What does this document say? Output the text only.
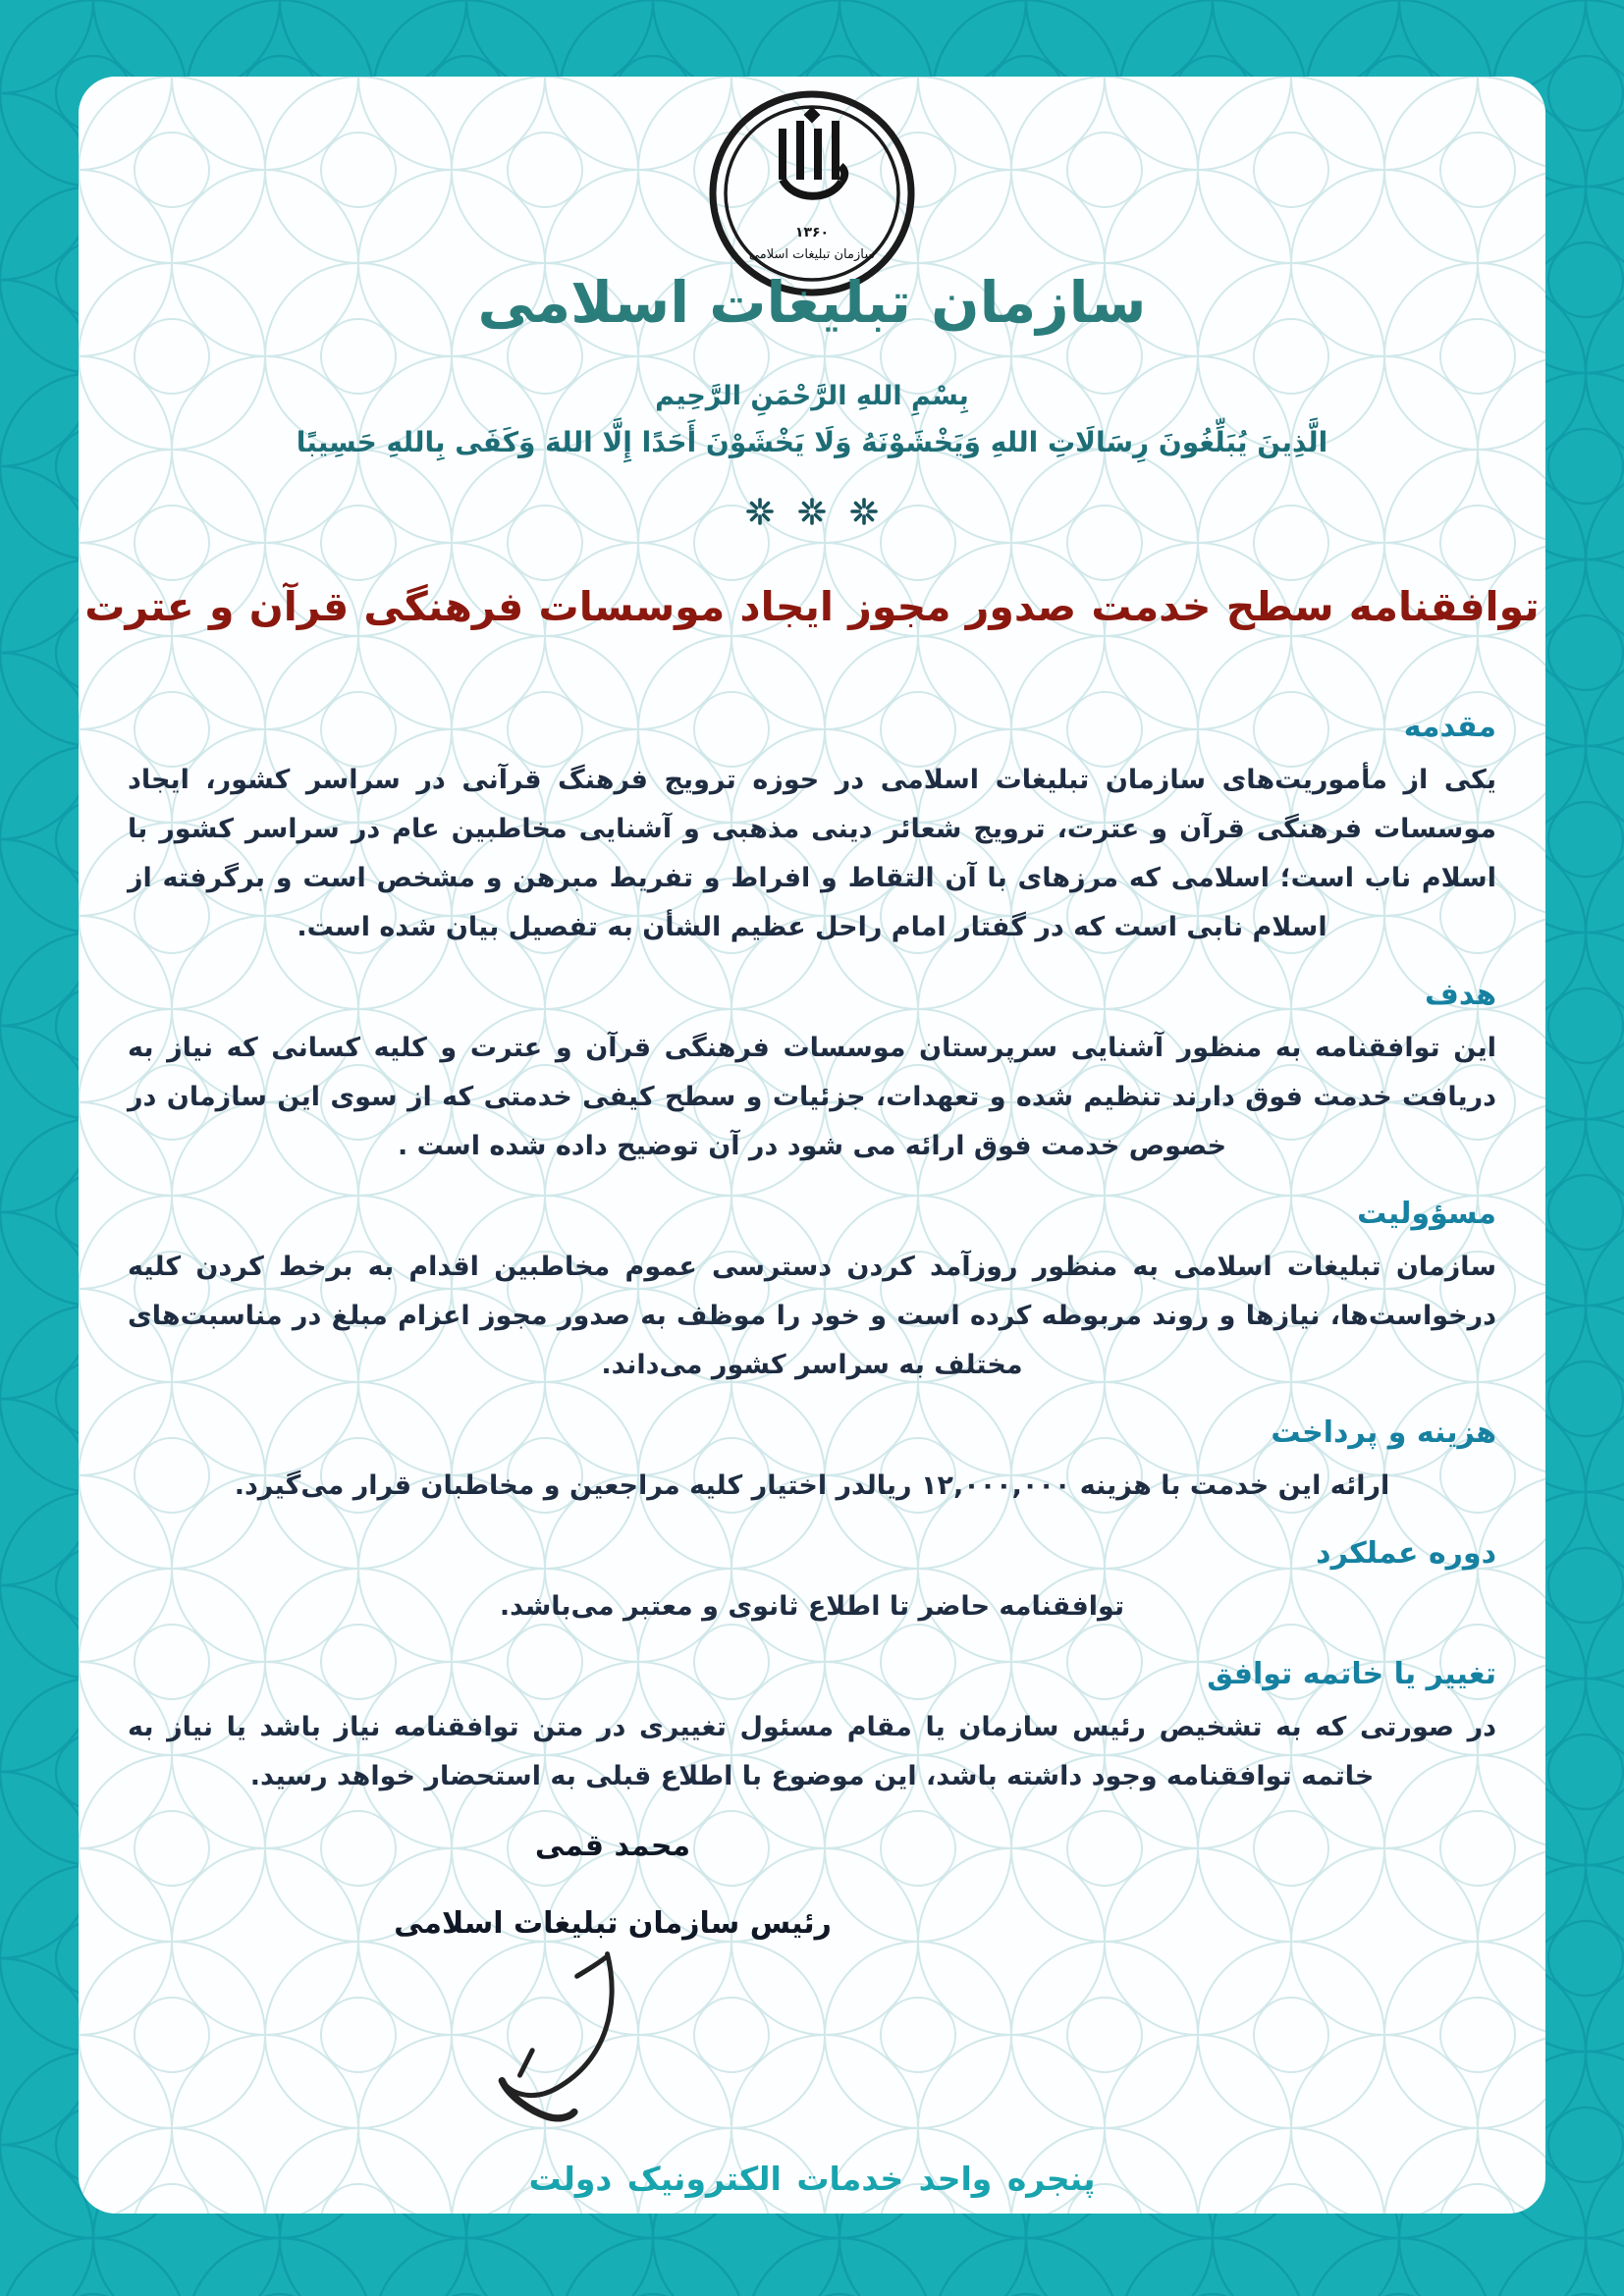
۱۳۶۰
سازمان تبلیغات اسلامی
سازمان تبلیغات اسلامی
بِسْمِ اللهِ الرَّحْمَنِ الرَّحِيم
الَّذِينَ يُبَلِّغُونَ رِسَالَاتِ اللهِ وَيَخْشَوْنَهُ وَلَا يَخْشَوْنَ أَحَدًا إِلَّا اللهَ وَكَفَى بِاللهِ حَسِيبًا

توافقنامه سطح خدمت صدور مجوز ایجاد موسسات فرهنگی قرآن و عترت
مقدمه
یکی از مأموریت‌های سازمان تبلیغات اسلامی در حوزه ترویج فرهنگ قرآنی در سراسر کشور، ایجاد موسسات فرهنگی قرآن و عترت، ترویج شعائر دینی مذهبی و آشنایی مخاطبین عام در سراسر کشور با اسلام ناب است؛ اسلامی که مرزهای با آن التقاط و افراط و تفریط مبرهن و مشخص است و برگرفته از اسلام نابی است که در گفتار امام راحل عظیم الشأن به تفصیل بیان شده است.
هدف
این توافقنامه به منظور آشنایی سرپرستان موسسات فرهنگی قرآن و عترت و کلیه کسانی که نیاز به دریافت خدمت فوق دارند تنظیم شده و تعهدات، جزئیات و سطح کیفی خدمتی که از سوی این سازمان در خصوص خدمت فوق ارائه می شود در آن توضیح داده شده است .
مسؤولیت
سازمان تبلیغات اسلامی به منظور روزآمد کردن دسترسی عموم مخاطبین اقدام به برخط کردن کلیه درخواست‌ها، نیازها و روند مربوطه کرده است و خود را موظف به صدور مجوز اعزام مبلغ در مناسبت‌های مختلف به سراسر کشور می‌داند.
هزینه و پرداخت
ارائه این خدمت با هزینه ۱۲,۰۰۰,۰۰۰ ریالدر اختیار کلیه مراجعین و مخاطبان قرار می‌گیرد.
دوره عملکرد
توافقنامه حاضر تا اطلاع ثانوی و معتبر می‌باشد.
تغییر یا خاتمه توافق
در صورتی که به تشخیص رئیس سازمان یا مقام مسئول تغییری در متن توافقنامه نیاز باشد یا نیاز به خاتمه توافقنامه وجود داشته باشد، این موضوع با اطلاع قبلی به استحضار خواهد رسید.
محمد قمی
رئیس سازمان تبلیغات اسلامی
پنجره واحد خدمات الکترونیک دولت
